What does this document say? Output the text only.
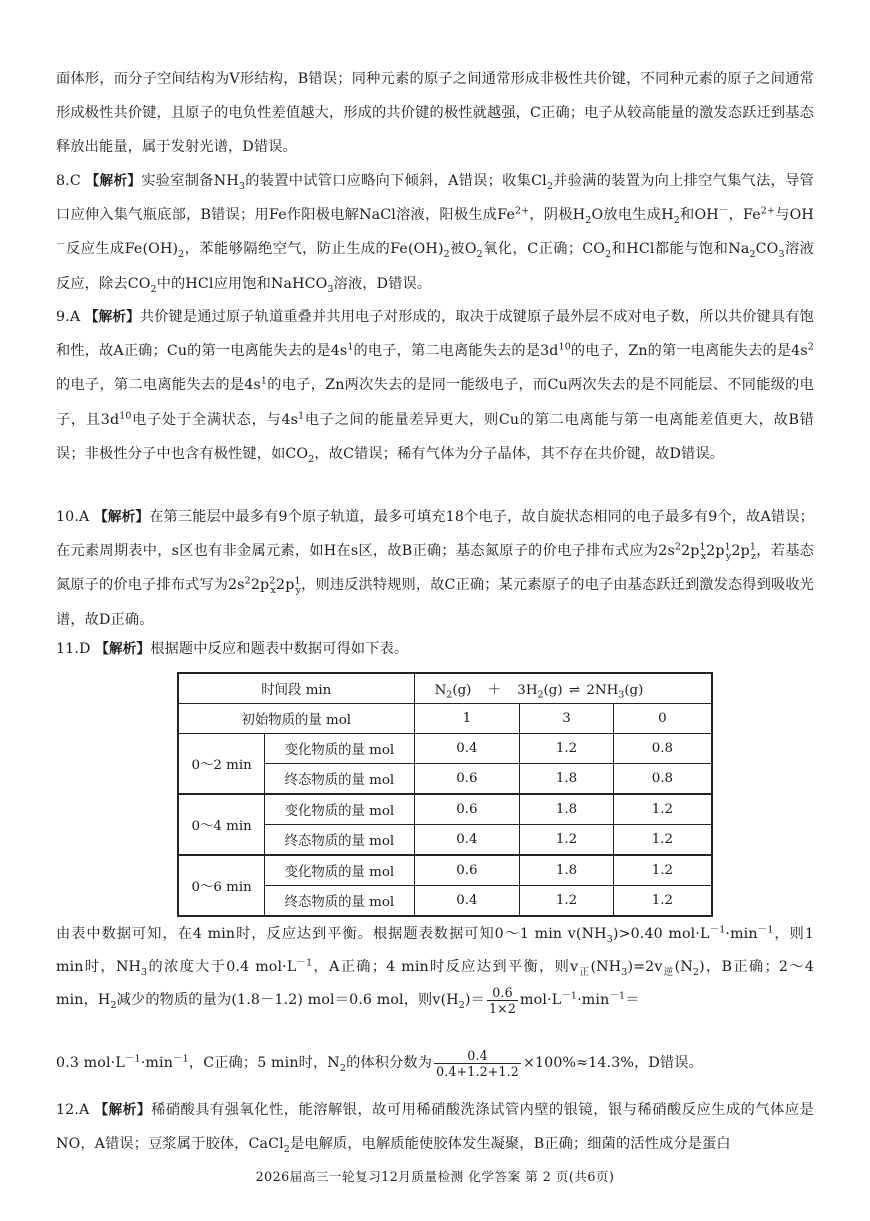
面体形，而分子空间结构为V形结构，B错误；同种元素的原子之间通常形成非极性共价键，不同种元素的原子之间通常形成极性共价键，且原子的电负性差值越大，形成的共价键的极性就越强，C正确；电子从较高能量的激发态跃迁到基态释放出能量，属于发射光谱，D错误。

8.C 【解析】实验室制备$NH_3$的装置中试管口应略向下倾斜，A错误；收集$Cl_2$并验满的装置为向上排空气集气法，导管口应伸入集气瓶底部，B错误；用Fe作阳极电解NaCl溶液，阳极生成$Fe^{2+}$，阴极$H_2O$放电生成$H_2$和OH－，$Fe^{2+}$与OH－反应生成$Fe(OH)_2$，苯能够隔绝空气，防止生成的$Fe(OH)_2$被$O_2$氧化，C正确；$CO_2$和HCl都能与饱和$Na_2CO_3$溶液反应，除去$CO_2$中的HCl应用饱和NaHCO$_3$溶液，D错误。

9.A 【解析】共价键是通过原子轨道重叠并共用电子对形成的，取决于成键原子最外层不成对电子数，所以共价键具有饱和性，故A正确；Cu的第一电离能失去的是$4s^1$的电子，第二电离能失去的是$3d^{10}$的电子，Zn的第一电离能失去的是$4s^2$的电子，第二电离能失去的是$4s^1$的电子，Zn两次失去的是同一能级电子，而Cu两次失去的是不同能层、不同能级的电子，且$3d^{10}$电子处于全满状态，与$4s^1$电子之间的能量差异更大，则Cu的第二电离能与第一电离能差值更大，故B错误；非极性分子中也含有极性键，如$CO_2$，故C错误；稀有气体为分子晶体，其不存在共价键，故D错误。

10.A 【解析】在第三能层中最多有9个原子轨道，最多可填充18个电子，故自旋状态相同的电子最多有9个，故A错误；在元素周期表中，s区也有非金属元素，如H在s区，故B正确；基态氮原子的价电子排布式应为$2s^22p^1_x2p^1_y2p^1_z$，若基态氮原子的价电子排布式写为$2s^22p^2_x2p^1_y$，则违反洪特规则，故C正确；某元素原子的电子由基态跃迁到激发态得到吸收光谱，故D正确。

11.D 【解析】根据题中反应和题表中数据可得如下表。

时间段 min		$N_2(g) + 3H_2(g)$ ⇌ $2NH_3(g)$		
初始物质的量 mol		1	3	0
0～2 min	变化物质的量 mol	0.4	1.2	0.8
	终态物质的量 mol	0.6	1.8	0.8
0～4 min	变化物质的量 mol	0.6	1.8	1.2
	终态物质的量 mol	0.4	1.2	1.2
0～6 min	变化物质的量 mol	0.6	1.8	1.2
	终态物质的量 mol	0.4	1.2	1.2

由表中数据可知，在4 min时，反应达到平衡。根据题表数据可知0～1 $\min v(NH_3)>0.40$ $mol\cdot L^{-1}\cdot\min^{-1}$，则1 min时，$NH_3$的浓度大于0.4 $mol\cdot L^{-1}$，A正确；4 min时反应达到平衡，则$v_正(NH_3)=2v_逆(N_2)$，B正确；2～4 min，$H_2$减少的物质的量为(1.8－1.2) mol＝0.6 mol，则$v(H_2)= \frac{0.6}{1\times 2} mol\cdot L^{-1}\cdot\min^{-1}=$

0.3 $mol\cdot L^{-1}\cdot\min^{-1}$，C正确；5 min时，$N_2$的体积分数为 $\frac{0.4}{0.4+1.2+1.2} \times 100\%\approx 14.3\%$，D错误。

12.A 【解析】稀硝酸具有强氧化性，能溶解银，故可用稀硝酸洗涤试管内壁的银镜，银与稀硝酸反应生成的气体应是NO，A错误；豆浆属于胶体，CaCl$_2$是电解质，电解质能使胶体发生凝聚，B正确；细菌的活性成分是蛋白

2026届高三一轮复习12月质量检测 化学答案 第 2 页(共6页)
